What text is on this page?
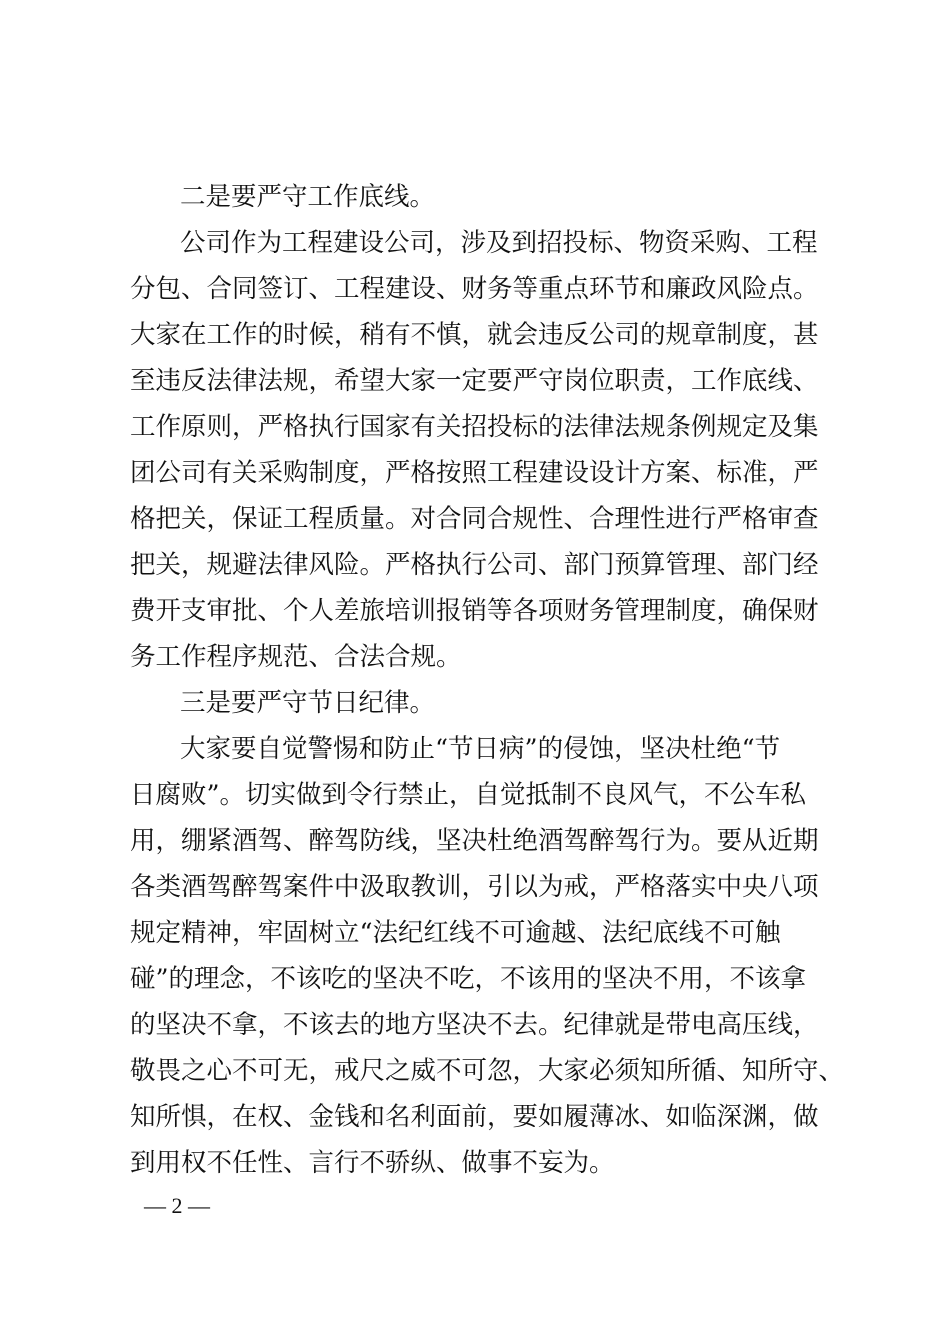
二是要严守工作底线。
公司作为工程建设公司，涉及到招投标、物资采购、工程
分包、合同签订、工程建设、财务等重点环节和廉政风险点。
大家在工作的时候，稍有不慎，就会违反公司的规章制度，甚
至违反法律法规，希望大家一定要严守岗位职责，工作底线、
工作原则，严格执行国家有关招投标的法律法规条例规定及集
团公司有关采购制度，严格按照工程建设设计方案、标准，严
格把关，保证工程质量。对合同合规性、合理性进行严格审查
把关，规避法律风险。严格执行公司、部门预算管理、部门经
费开支审批、个人差旅培训报销等各项财务管理制度，确保财
务工作程序规范、合法合规。
三是要严守节日纪律。
大家要自觉警惕和防止“节日病”的侵蚀，坚决杜绝“节
日腐败”。切实做到令行禁止，自觉抵制不良风气，不公车私
用，绷紧酒驾、醉驾防线，坚决杜绝酒驾醉驾行为。要从近期
各类酒驾醉驾案件中汲取教训，引以为戒，严格落实中央八项
规定精神，牢固树立“法纪红线不可逾越、法纪底线不可触
碰”的理念，不该吃的坚决不吃，不该用的坚决不用，不该拿
的坚决不拿，不该去的地方坚决不去。纪律就是带电高压线，
敬畏之心不可无，戒尺之威不可忽，大家必须知所循、知所守、
知所惧，在权、金钱和名利面前，要如履薄冰、如临深渊，做
到用权不任性、言行不骄纵、做事不妄为。
— 2 —
